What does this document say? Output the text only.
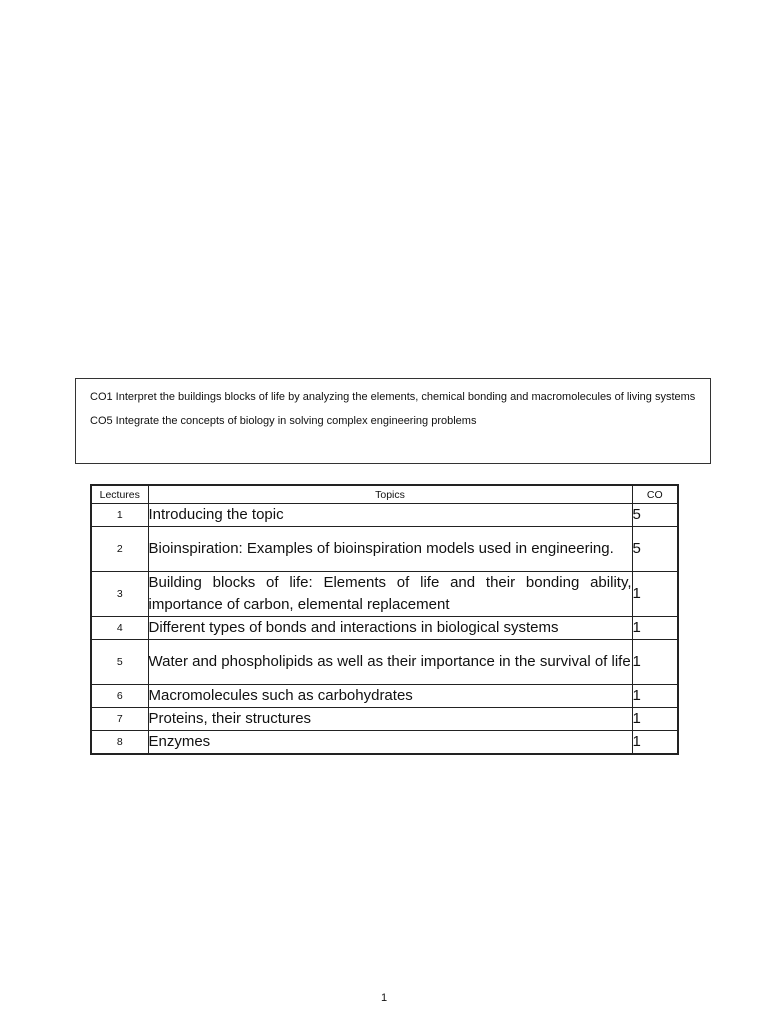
CO1 Interpret the buildings blocks of life by analyzing the elements, chemical bonding and macromolecules of living systems

CO5 Integrate the concepts of biology in solving complex engineering problems

Lectures	Topics	CO
1	Introducing the topic	5
2	Bioinspiration: Examples of bioinspiration models used in engineering.	5
3	Building blocks of life: Elements of life and their bonding ability, importance of carbon, elemental replacement	1
4	Different types of bonds and interactions in biological systems	1
5	Water and phospholipids as well as their importance in the survival of life	1
6	Macromolecules such as carbohydrates	1
7	Proteins, their structures	1
8	Enzymes	1
1
